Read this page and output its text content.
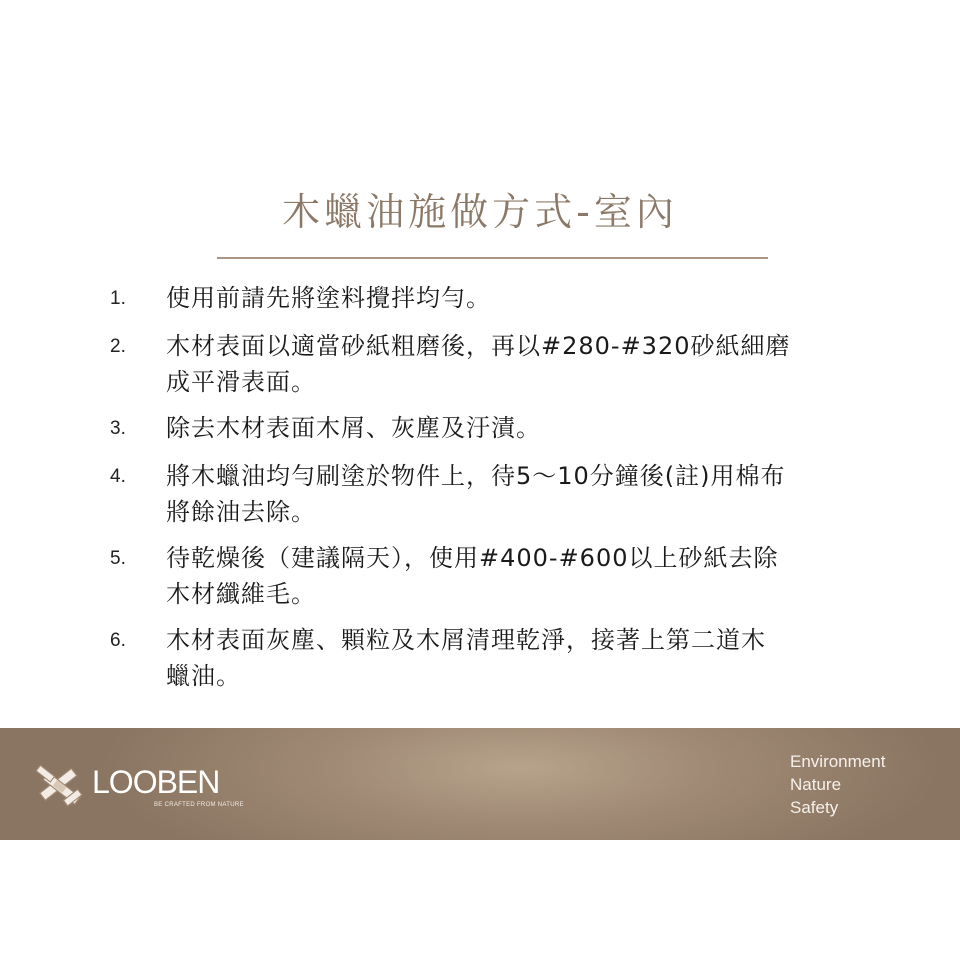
木蠟油施做方式-室內
1.	使用前請先將塗料攪拌均勻。
2.	木材表面以適當砂紙粗磨後，再以#280-#320砂紙細磨
成平滑表面。
3.	除去木材表面木屑、灰塵及汙漬。
4.	將木蠟油均勻刷塗於物件上，待5～10分鐘後(註)用棉布
將餘油去除。
5.	待乾燥後（建議隔天），使用#400-#600以上砂紙去除
木材纖維毛。
6.	木材表面灰塵、顆粒及木屑清理乾淨，接著上第二道木
蠟油。
LOOBEN
BE CRAFTED FROM NATURE
Environment
Nature
Safety
